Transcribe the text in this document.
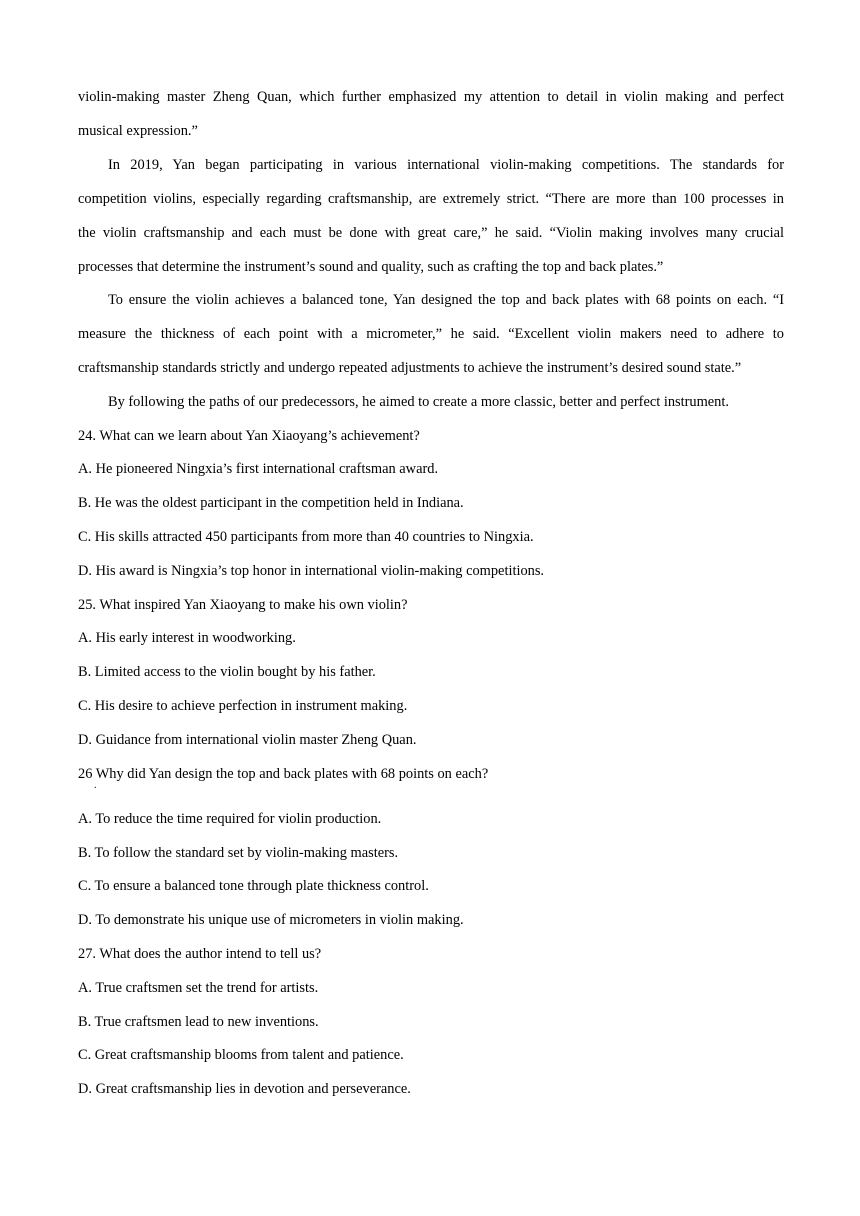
violin-making master Zheng Quan, which further emphasized my attention to detail in violin making and perfect
musical expression.”
In 2019, Yan began participating in various international violin-making competitions. The standards for
competition violins, especially regarding craftsmanship, are extremely strict. “There are more than 100 processes in
the violin craftsmanship and each must be done with great care,” he said. “Violin making involves many crucial
processes that determine the instrument’s sound and quality, such as crafting the top and back plates.”
To ensure the violin achieves a balanced tone, Yan designed the top and back plates with 68 points on each. “I
measure the thickness of each point with a micrometer,” he said. “Excellent violin makers need to adhere to
craftsmanship standards strictly and undergo repeated adjustments to achieve the instrument’s desired sound state.”
By following the paths of our predecessors, he aimed to create a more classic, better and perfect instrument.
24. What can we learn about Yan Xiaoyang’s achievement?
A. He pioneered Ningxia’s first international craftsman award.
B. He was the oldest participant in the competition held in Indiana.
C. His skills attracted 450 participants from more than 40 countries to Ningxia.
D. His award is Ningxia’s top honor in international violin-making competitions.
25. What inspired Yan Xiaoyang to make his own violin?
A. His early interest in woodworking.
B. Limited access to the violin bought by his father.
C. His desire to achieve perfection in instrument making.
D. Guidance from international violin master Zheng Quan.
26 Why did Yan design the top and back plates with 68 points on each?
.
A. To reduce the time required for violin production.
B. To follow the standard set by violin-making masters.
C. To ensure a balanced tone through plate thickness control.
D. To demonstrate his unique use of micrometers in violin making.
27. What does the author intend to tell us?
A. True craftsmen set the trend for artists.
B. True craftsmen lead to new inventions.
C. Great craftsmanship blooms from talent and patience.
D. Great craftsmanship lies in devotion and perseverance.
